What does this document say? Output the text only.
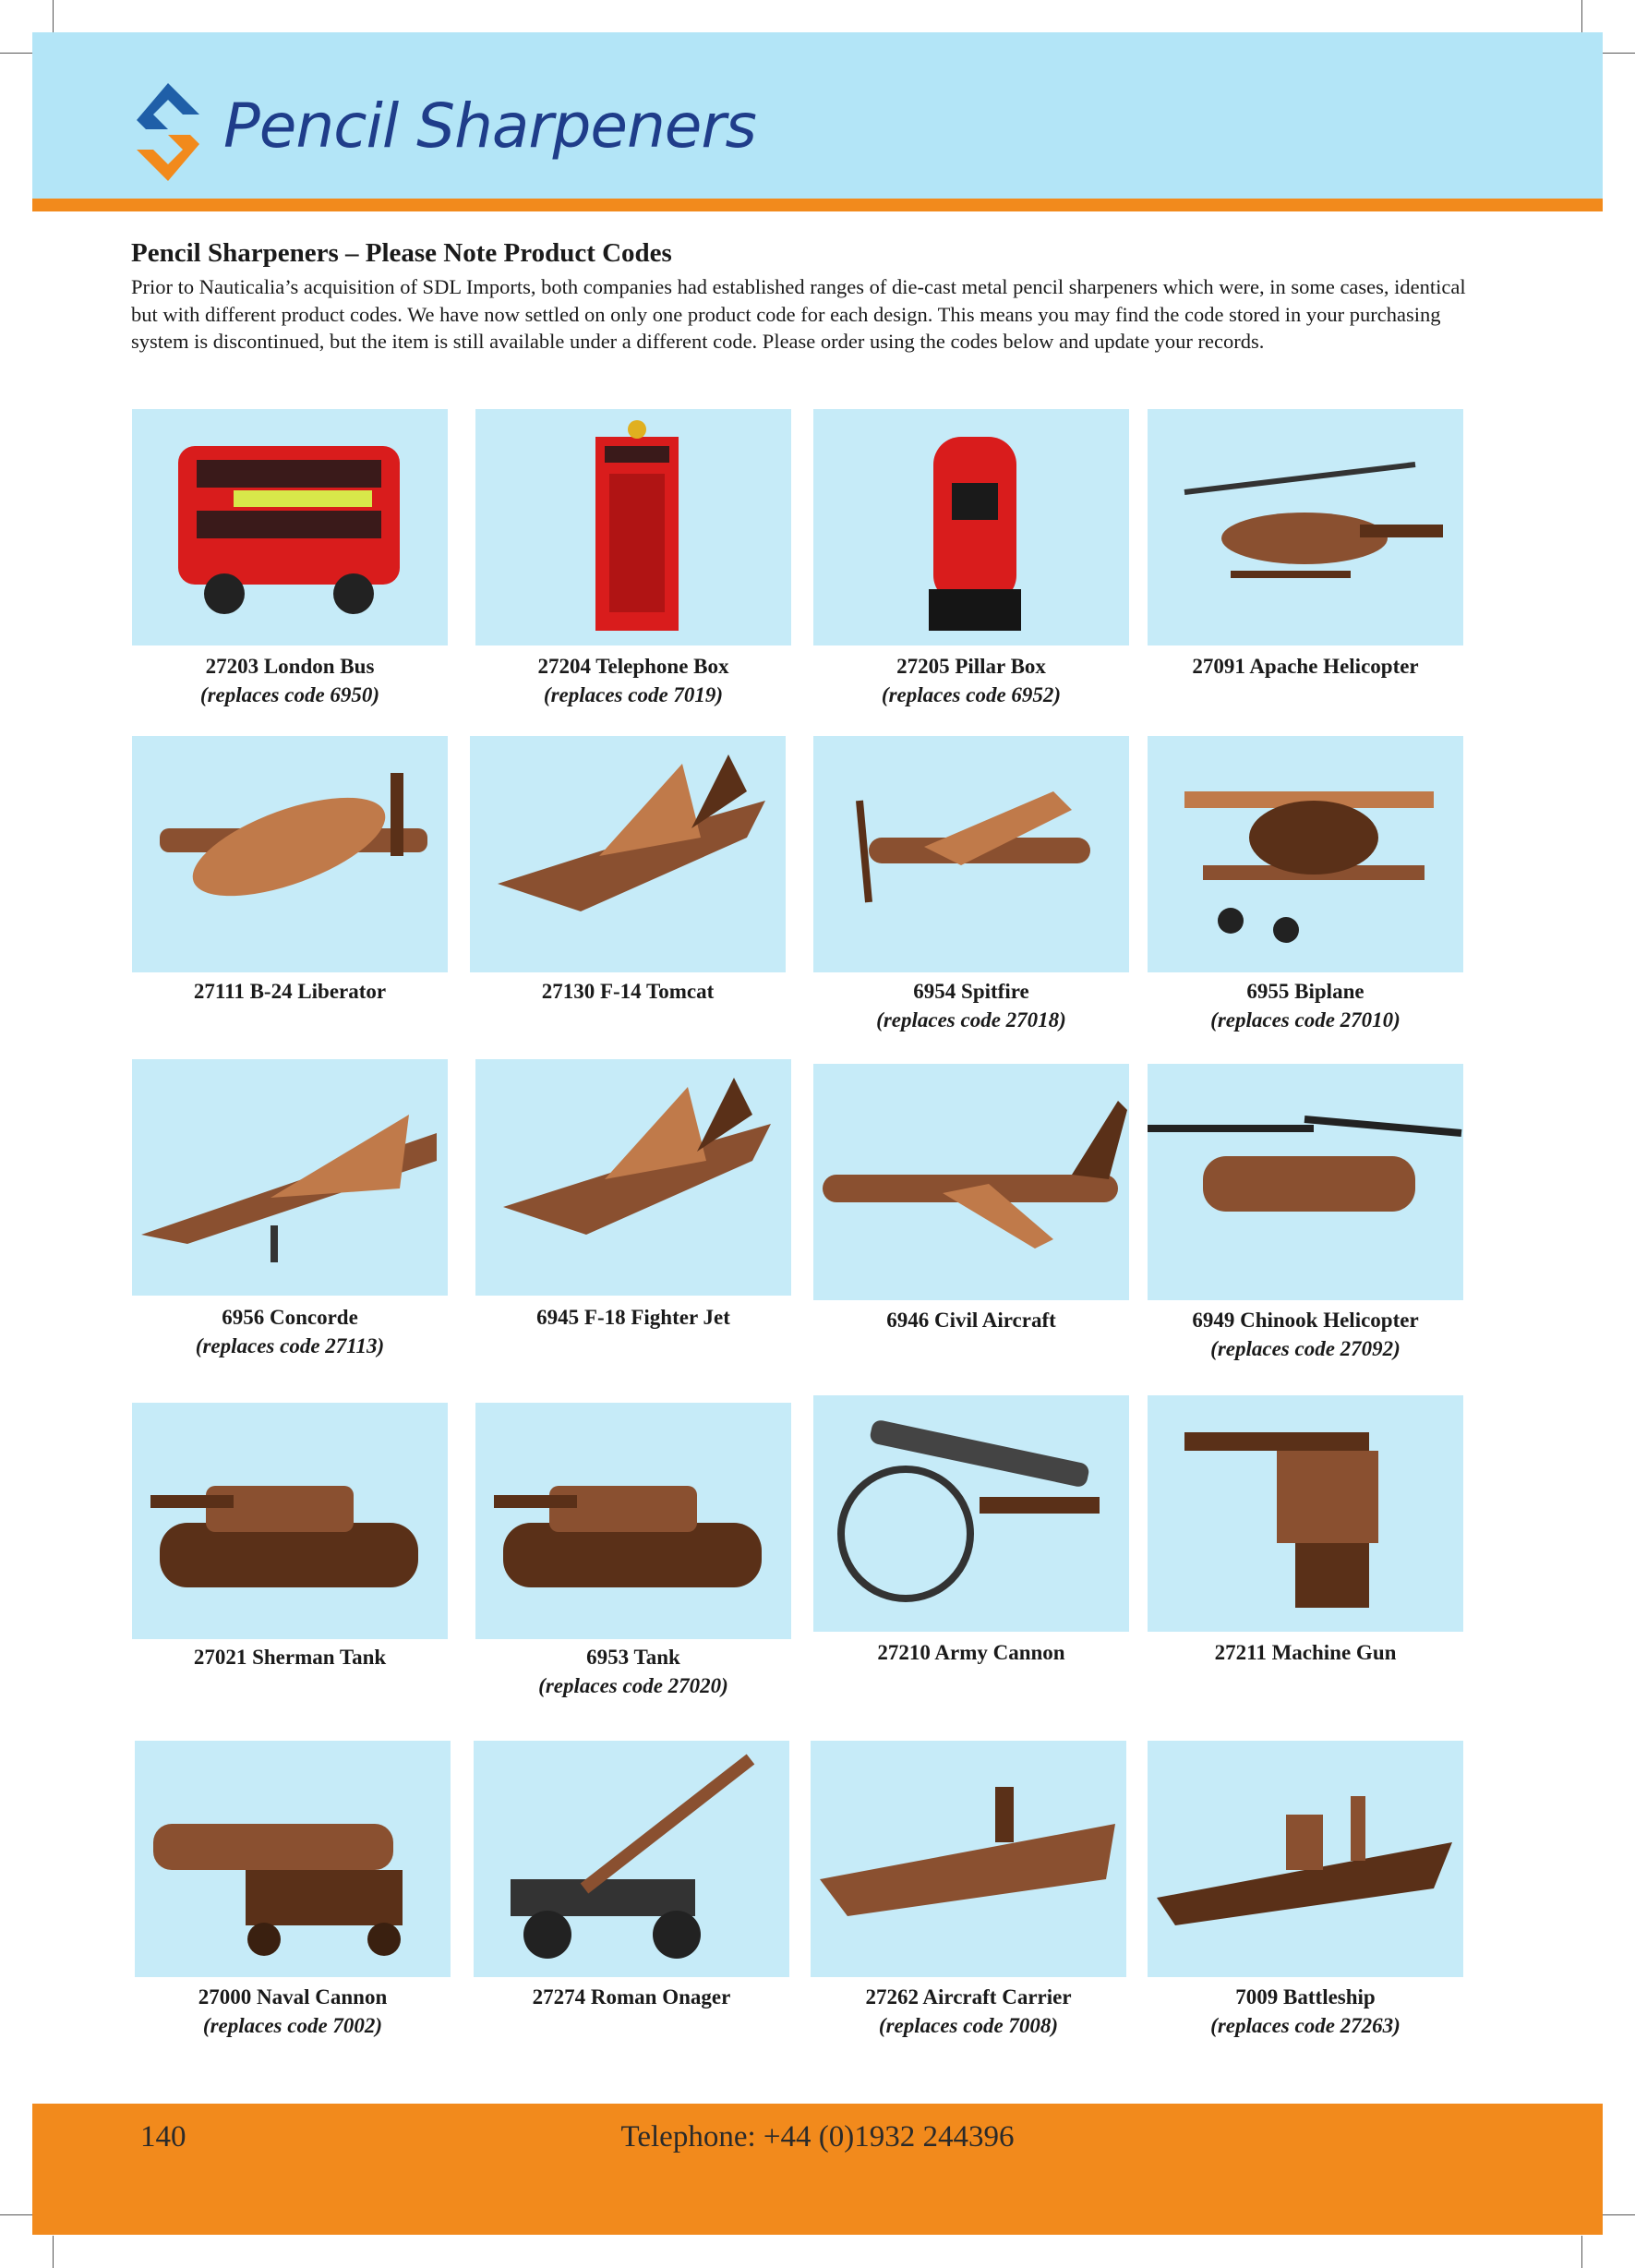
Pencil Sharpeners
Pencil Sharpeners – Please Note Product Codes
Prior to Nauticalia’s acquisition of SDL Imports, both companies had established ranges of die-cast metal pencil sharpeners which were, in some cases, identical but with different product codes. We have now settled on only one product code for each design. This means you may find the code stored in your purchasing system is discontinued, but the item is still available under a different code. Please order using the codes below and update your records.
27203 London Bus
(replaces code 6950)
27204 Telephone Box
(replaces code 7019)
27205 Pillar Box
(replaces code 6952)
27091 Apache Helicopter
27111 B-24 Liberator	27130 F-14 Tomcat	6954 Spitfire
(replaces code 27018)
6955 Biplane
(replaces code 27010)
6956 Concorde
(replaces code 27113)
6945 F-18 Fighter Jet	6946 Civil Aircraft	6949 Chinook Helicopter
(replaces code 27092)
27021 Sherman Tank	6953 Tank
(replaces code 27020)
27210 Army Cannon	27211 Machine Gun
27000 Naval Cannon
(replaces code 7002)
27274 Roman Onager	27262 Aircraft Carrier
(replaces code 7008)
7009 Battleship
(replaces code 27263)
140	Telephone: +44 (0)1932 244396
